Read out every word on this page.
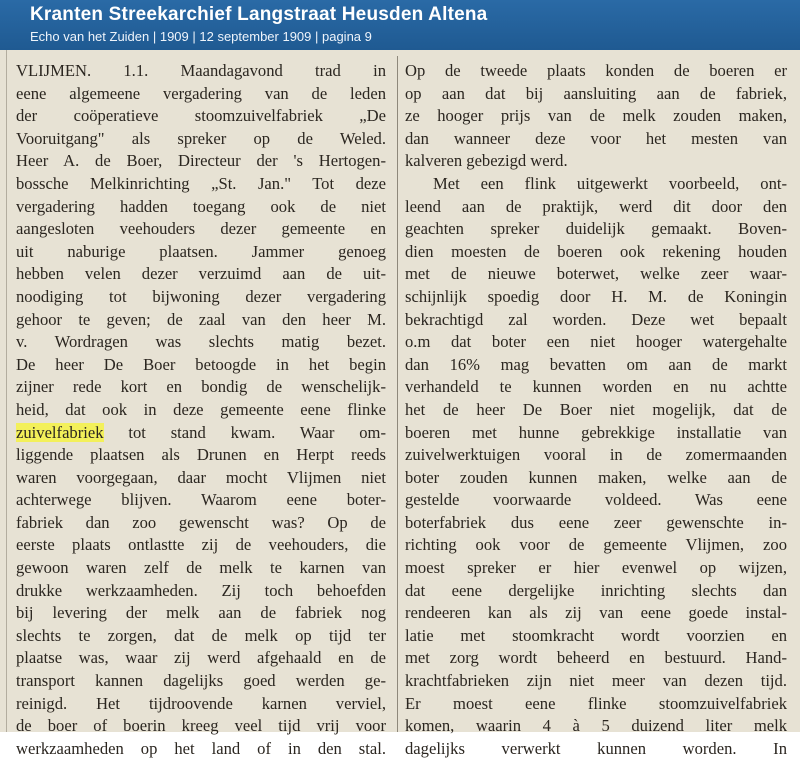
Kranten Streekarchief Langstraat Heusden Altena
Echo van het Zuiden | 1909 | 12 september 1909 | pagina 9
VLIJMEN. 1.1. Maandagavond trad in
eene algemeene vergadering van de leden
der coöperatieve stoomzuivelfabriek „De
Vooruitgang" als spreker op de Weled.
Heer A. de Boer, Directeur der 's Hertogen-
bossche Melkinrichting „St. Jan." Tot deze
vergadering hadden toegang ook de niet
aangesloten veehouders dezer gemeente en
uit naburige plaatsen. Jammer genoeg
hebben velen dezer verzuimd aan de uit-
noodiging tot bijwoning dezer vergadering
gehoor te geven; de zaal van den heer M.
v. Wordragen was slechts matig bezet.
De heer De Boer betoogde in het begin
zijner rede kort en bondig de wenschelijk-
heid, dat ook in deze gemeente eene flinke
zuivelfabriek tot stand kwam. Waar om-
liggende plaatsen als Drunen en Herpt reeds
waren voorgegaan, daar mocht Vlijmen niet
achterwege blijven. Waarom eene boter-
fabriek dan zoo gewenscht was? Op de
eerste plaats ontlastte zij de veehouders, die
gewoon waren zelf de melk te karnen van
drukke werkzaamheden. Zij toch behoefden
bij levering der melk aan de fabriek nog
slechts te zorgen, dat de melk op tijd ter
plaatse was, waar zij werd afgehaald en de
transport kannen dagelijks goed werden ge-
reinigd. Het tijdroovende karnen verviel,
de boer of boerin kreeg veel tijd vrij voor
werkzaamheden op het land of in den stal.
Op de tweede plaats konden de boeren er
op aan dat bij aansluiting aan de fabriek,
ze hooger prijs van de melk zouden maken,
dan wanneer deze voor het mesten van
kalveren gebezigd werd.
Met een flink uitgewerkt voorbeeld, ont-
leend aan de praktijk, werd dit door den
geachten spreker duidelijk gemaakt. Boven-
dien moesten de boeren ook rekening houden
met de nieuwe boterwet, welke zeer waar-
schijnlijk spoedig door H. M. de Koningin
bekrachtigd zal worden. Deze wet bepaalt
o.m dat boter een niet hooger watergehalte
dan 16% mag bevatten om aan de markt
verhandeld te kunnen worden en nu achtte
het de heer De Boer niet mogelijk, dat de
boeren met hunne gebrekkige installatie van
zuivelwerktuigen vooral in de zomermaanden
boter zouden kunnen maken, welke aan de
gestelde voorwaarde voldeed. Was eene
boterfabriek dus eene zeer gewenschte in-
richting ook voor de gemeente Vlijmen, zoo
moest spreker er hier evenwel op wijzen,
dat eene dergelijke inrichting slechts dan
rendeeren kan als zij van eene goede instal-
latie met stoomkracht wordt voorzien en
met zorg wordt beheerd en bestuurd. Hand-
krachtfabrieken zijn niet meer van dezen tijd.
Er moest eene flinke stoomzuivelfabriek
komen, waarin 4 à 5 duizend liter melk
dagelijks verwerkt kunnen worden. In
